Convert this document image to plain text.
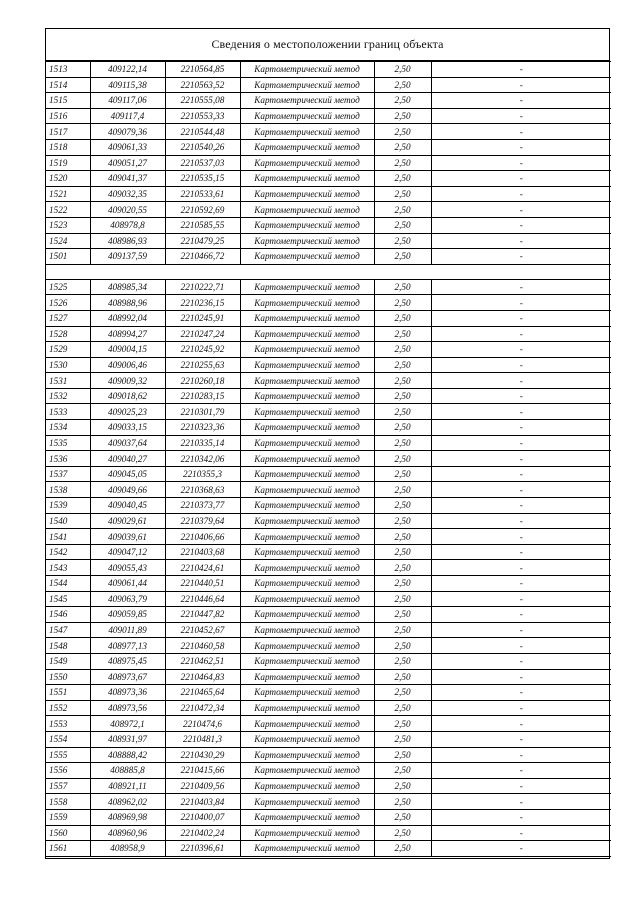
Сведения о местоположении границ объекта
1513	409122,14	2210564,85	Картометрический метод	2,50	-
1514	409115,38	2210563,52	Картометрический метод	2,50	-
1515	409117,06	2210555,08	Картометрический метод	2,50	-
1516	409117,4	2210553,33	Картометрический метод	2,50	-
1517	409079,36	2210544,48	Картометрический метод	2,50	-
1518	409061,33	2210540,26	Картометрический метод	2,50	-
1519	409051,27	2210537,03	Картометрический метод	2,50	-
1520	409041,37	2210535,15	Картометрический метод	2,50	-
1521	409032,35	2210533,61	Картометрический метод	2,50	-
1522	409020,55	2210592,69	Картометрический метод	2,50	-
1523	408978,8	2210585,55	Картометрический метод	2,50	-
1524	408986,93	2210479,25	Картометрический метод	2,50	-
1501	409137,59	2210466,72	Картометрический метод	2,50	-

1525	408985,34	2210222,71	Картометрический метод	2,50	-
1526	408988,96	2210236,15	Картометрический метод	2,50	-
1527	408992,04	2210245,91	Картометрический метод	2,50	-
1528	408994,27	2210247,24	Картометрический метод	2,50	-
1529	409004,15	2210245,92	Картометрический метод	2,50	-
1530	409006,46	2210255,63	Картометрический метод	2,50	-
1531	409009,32	2210260,18	Картометрический метод	2,50	-
1532	409018,62	2210283,15	Картометрический метод	2,50	-
1533	409025,23	2210301,79	Картометрический метод	2,50	-
1534	409033,15	2210323,36	Картометрический метод	2,50	-
1535	409037,64	2210335,14	Картометрический метод	2,50	-
1536	409040,27	2210342,06	Картометрический метод	2,50	-
1537	409045,05	2210355,3	Картометрический метод	2,50	-
1538	409049,66	2210368,63	Картометрический метод	2,50	-
1539	409040,45	2210373,77	Картометрический метод	2,50	-
1540	409029,61	2210379,64	Картометрический метод	2,50	-
1541	409039,61	2210406,66	Картометрический метод	2,50	-
1542	409047,12	2210403,68	Картометрический метод	2,50	-
1543	409055,43	2210424,61	Картометрический метод	2,50	-
1544	409061,44	2210440,51	Картометрический метод	2,50	-
1545	409063,79	2210446,64	Картометрический метод	2,50	-
1546	409059,85	2210447,82	Картометрический метод	2,50	-
1547	409011,89	2210452,67	Картометрический метод	2,50	-
1548	408977,13	2210460,58	Картометрический метод	2,50	-
1549	408975,45	2210462,51	Картометрический метод	2,50	-
1550	408973,67	2210464,83	Картометрический метод	2,50	-
1551	408973,36	2210465,64	Картометрический метод	2,50	-
1552	408973,56	2210472,34	Картометрический метод	2,50	-
1553	408972,1	2210474,6	Картометрический метод	2,50	-
1554	408931,97	2210481,3	Картометрический метод	2,50	-
1555	408888,42	2210430,29	Картометрический метод	2,50	-
1556	408885,8	2210415,66	Картометрический метод	2,50	-
1557	408921,11	2210409,56	Картометрический метод	2,50	-
1558	408962,02	2210403,84	Картометрический метод	2,50	-
1559	408969,98	2210400,07	Картометрический метод	2,50	-
1560	408960,96	2210402,24	Картометрический метод	2,50	-
1561	408958,9	2210396,61	Картометрический метод	2,50	-
